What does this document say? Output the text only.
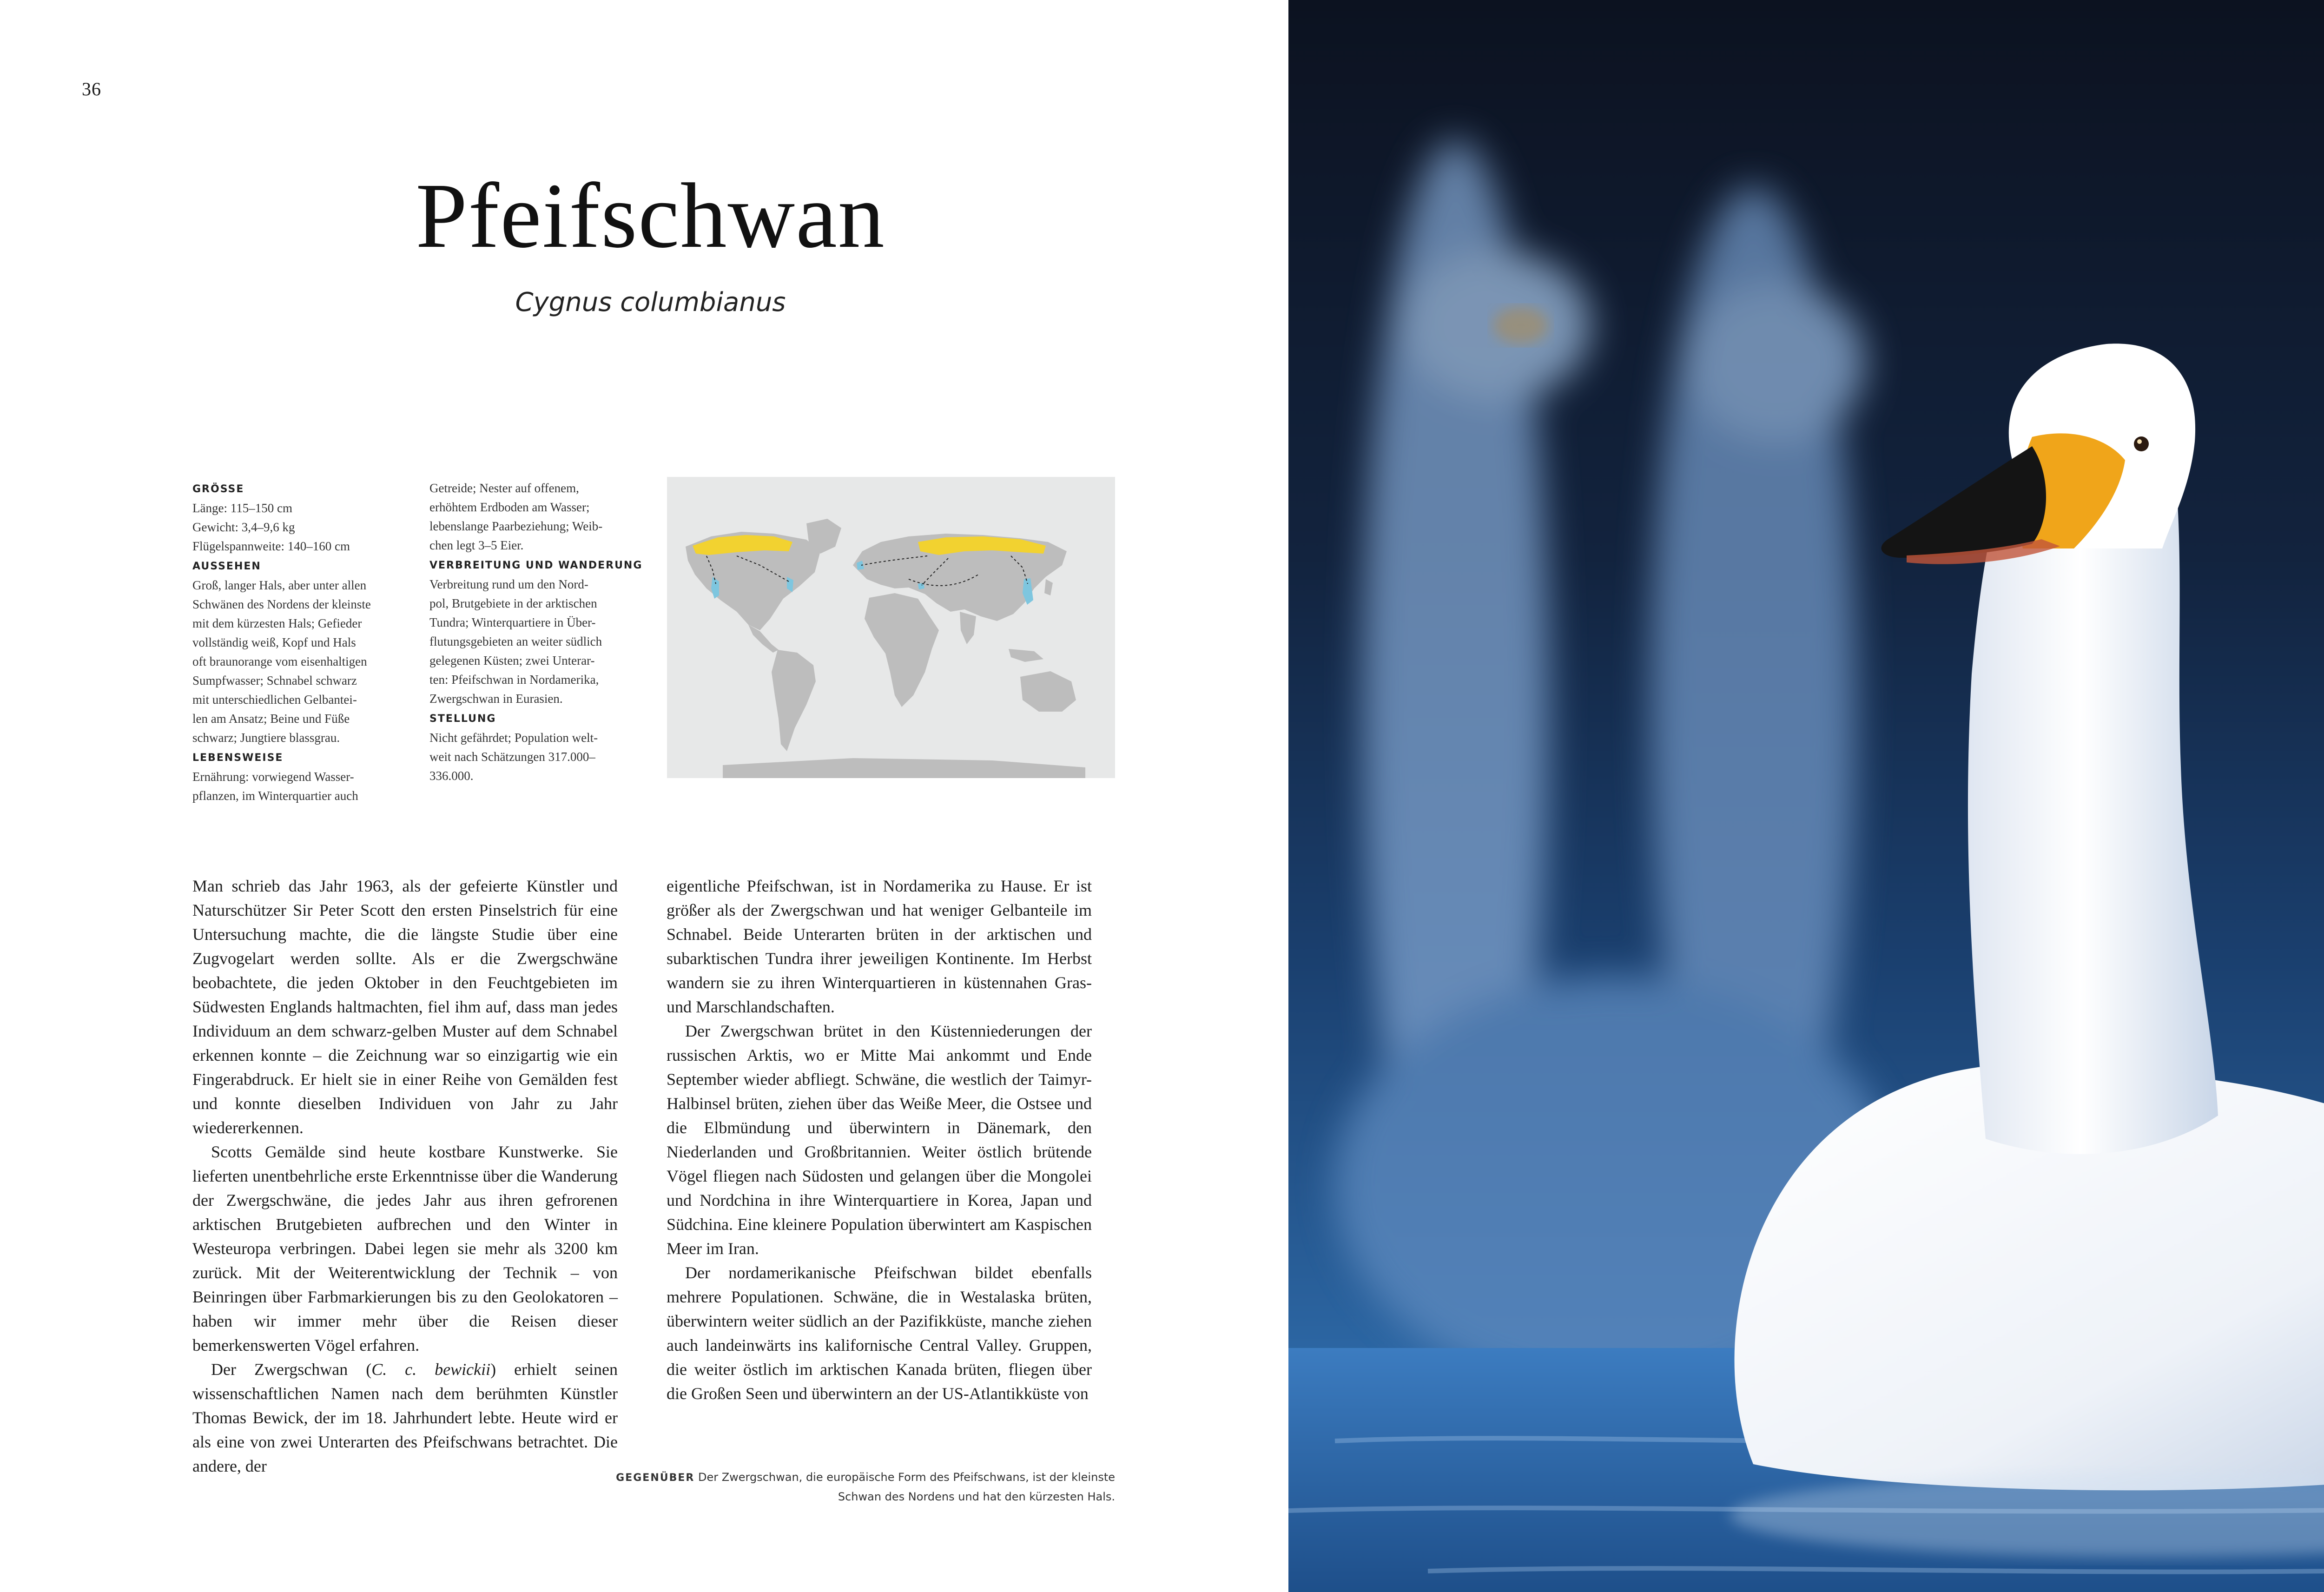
36
Pfeifschwan
Cygnus columbianus
GRÖSSE
Länge: 115–150 cm
Gewicht: 3,4–9,6 kg
Flügelspannweite: 140–160 cm
AUSSEHEN
Groß, langer Hals, aber unter allen
Schwänen des Nordens der kleinste
mit dem kürzesten Hals; Gefieder
vollständig weiß, Kopf und Hals
oft braunorange vom eisenhaltigen
Sumpfwasser; Schnabel schwarz
mit unterschiedlichen Gelbantei-
len am Ansatz; Beine und Füße
schwarz; Jungtiere blassgrau.
LEBENSWEISE
Ernährung: vorwiegend Wasser-
pflanzen, im Winterquartier auch
Getreide; Nester auf offenem,
erhöhtem Erdboden am Wasser;
lebenslange Paarbeziehung; Weib-
chen legt 3–5 Eier.
VERBREITUNG UND WANDERUNG
Verbreitung rund um den Nord-
pol, Brutgebiete in der arktischen
Tundra; Winterquartiere in Über-
flutungsgebieten an weiter südlich
gelegenen Küsten; zwei Unterar-
ten: Pfeifschwan in Nordamerika,
Zwergschwan in Eurasien.
STELLUNG
Nicht gefährdet; Population welt-
weit nach Schätzungen 317.000–
336.000.

Man schrieb das Jahr 1963, als der gefeierte Künstler und Naturschützer Sir Peter Scott den ersten Pinselstrich für eine Untersuchung machte, die die längste Studie über eine Zugvogelart werden sollte. Als er die Zwergschwäne beobachtete, die jeden Oktober in den Feuchtgebieten im Südwesten Englands haltmachten, fiel ihm auf, dass man jedes Individuum an dem schwarz-gelben Muster auf dem Schnabel erkennen konnte – die Zeichnung war so einzigartig wie ein Fingerabdruck. Er hielt sie in einer Reihe von Gemälden fest und konnte dieselben Individuen von Jahr zu Jahr wiedererkennen.

Scotts Gemälde sind heute kostbare Kunstwerke. Sie lieferten unentbehrliche erste Erkenntnisse über die Wanderung der Zwergschwäne, die jedes Jahr aus ihren gefrorenen arktischen Brutgebieten aufbrechen und den Winter in Westeuropa verbringen. Dabei legen sie mehr als 3200 km zurück. Mit der Weiterentwicklung der Technik – von Beinringen über Farbmarkierungen bis zu den Geolokatoren – haben wir immer mehr über die Reisen dieser bemerkenswerten Vögel erfahren.

Der Zwergschwan (C. c. bewickii) erhielt seinen wissenschaftlichen Namen nach dem berühmten Künstler Thomas Bewick, der im 18. Jahrhundert lebte. Heute wird er als eine von zwei Unterarten des Pfeifschwans betrachtet. Die andere, der

eigentliche Pfeifschwan, ist in Nordamerika zu Hause. Er ist größer als der Zwergschwan und hat weniger Gelbanteile im Schnabel. Beide Unterarten brüten in der arktischen und subarktischen Tundra ihrer jeweiligen Kontinente. Im Herbst wandern sie zu ihren Winterquartieren in küstennahen Gras- und Marschlandschaften.

Der Zwergschwan brütet in den Küstenniederungen der russischen Arktis, wo er Mitte Mai ankommt und Ende September wieder abfliegt. Schwäne, die westlich der Taimyr-Halbinsel brüten, ziehen über das Weiße Meer, die Ostsee und die Elbmündung und überwintern in Dänemark, den Niederlanden und Großbritannien. Weiter östlich brütende Vögel fliegen nach Südosten und gelangen über die Mongolei und Nordchina in ihre Winterquartiere in Korea, Japan und Südchina. Eine kleinere Population überwintert am Kaspischen Meer im Iran.

Der nordamerikanische Pfeifschwan bildet ebenfalls mehrere Populationen. Schwäne, die in Westalaska brüten, überwintern weiter südlich an der Pazifikküste, manche ziehen auch landeinwärts ins kalifornische Central Valley. Gruppen, die weiter östlich im arktischen Kanada brüten, fliegen über die Großen Seen und überwintern an der US-Atlantikküste von

GEGENÜBER Der Zwergschwan, die europäische Form des Pfeifschwans, ist der kleinste Schwan des Nordens und hat den kürzesten Hals.
